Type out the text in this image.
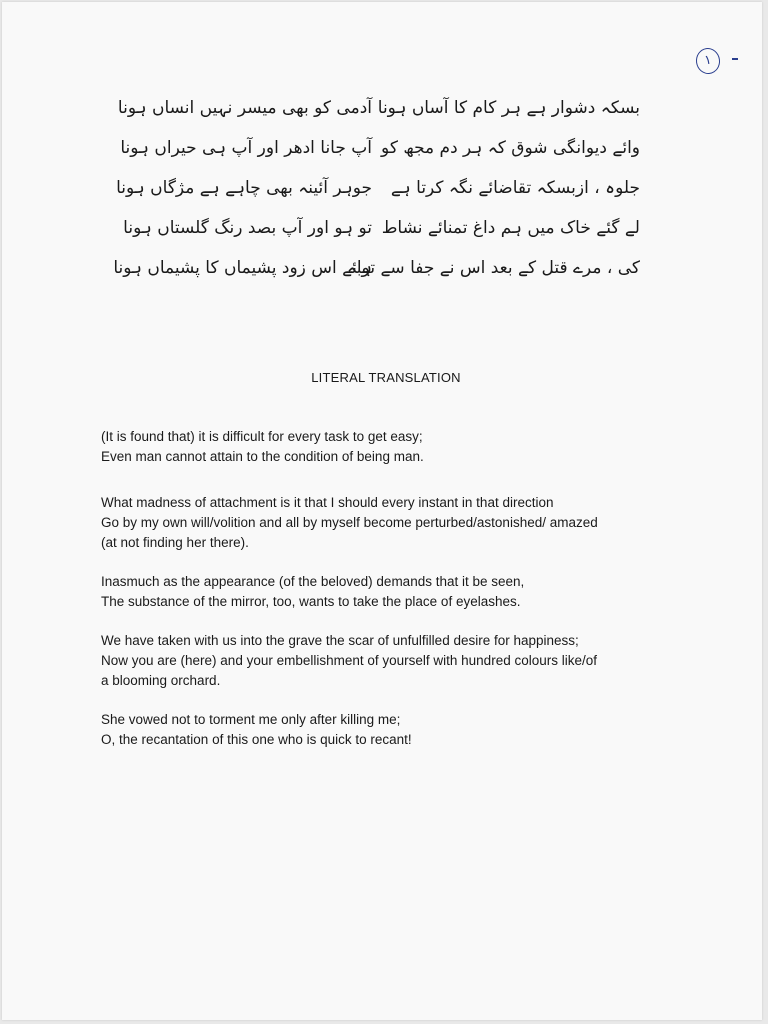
١
بسکہ دشوار ہے ہر کام کا آساں ہونا
وائے دیوانگی شوق کہ ہر دم مجھ کو
جلوہ ، ازبسکہ تقاضائے نگہ کرتا ہے
لے گئے خاک میں ہم داغ تمنائے نشاط
کی ، مرے قتل کے بعد اس نے جفا سے توبہ
آدمی کو بھی میسر نہیں انساں ہونا
آپ جانا ادھر اور آپ ہی حیراں ہونا
جوہر آئینہ بھی چاہے ہے مژگاں ہونا
تو ہو اور آپ بصد رنگ گلستاں ہونا
ہائے اس زود پشیماں کا پشیماں ہونا
LITERAL TRANSLATION
(It is found that) it is difficult for every task to get easy;
Even man cannot attain to the condition of being man.
What madness of attachment is it that I should every instant in that direction
Go by my own will/volition and all by myself become perturbed/astonished/ amazed
(at not finding her there).
Inasmuch as the appearance (of the beloved) demands that it be seen,
The substance of the mirror, too, wants to take the place of eyelashes.
We have taken with us into the grave the scar of unfulfilled desire for happiness;
Now you are (here) and your embellishment of yourself with hundred colours like/of
a blooming orchard.
She vowed not to torment me only after killing me;
O, the recantation of this one who is quick to recant!
